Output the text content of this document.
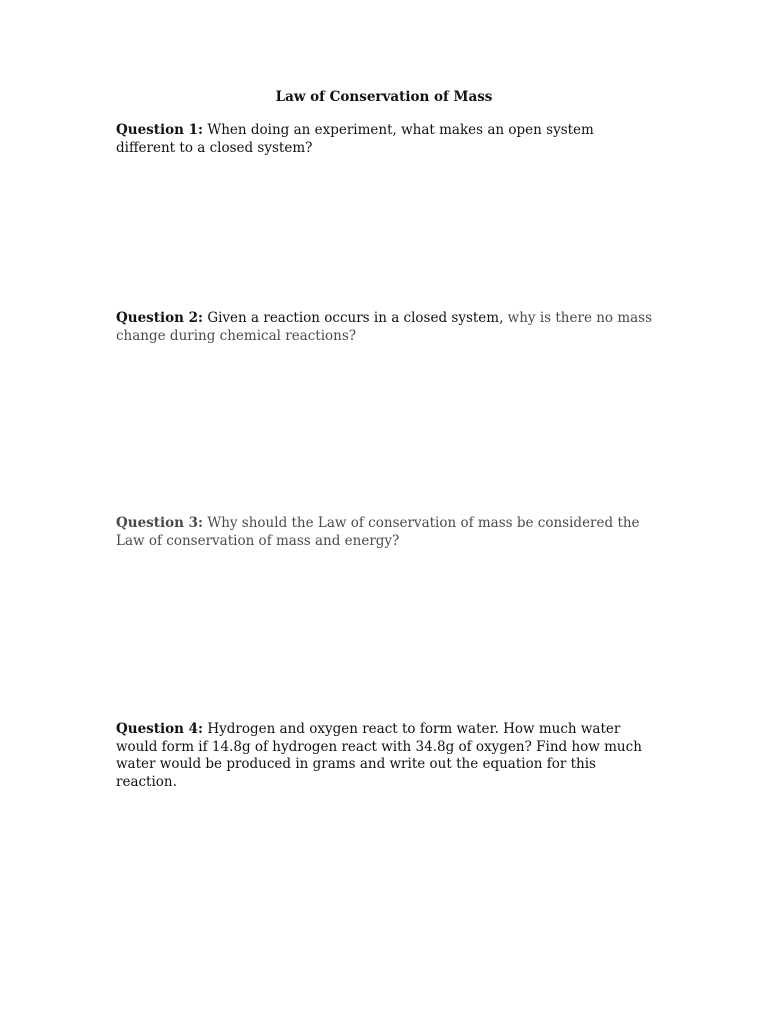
Law of Conservation of Mass

Question 1: When doing an experiment, what makes an open system different to a closed system?

Question 2: Given a reaction occurs in a closed system, why is there no mass change during chemical reactions?

Question 3: Why should the Law of conservation of mass be considered the Law of conservation of mass and energy?

Question 4: Hydrogen and oxygen react to form water. How much water would form if 14.8g of hydrogen react with 34.8g of oxygen? Find how much water would be produced in grams and write out the equation for this reaction.
